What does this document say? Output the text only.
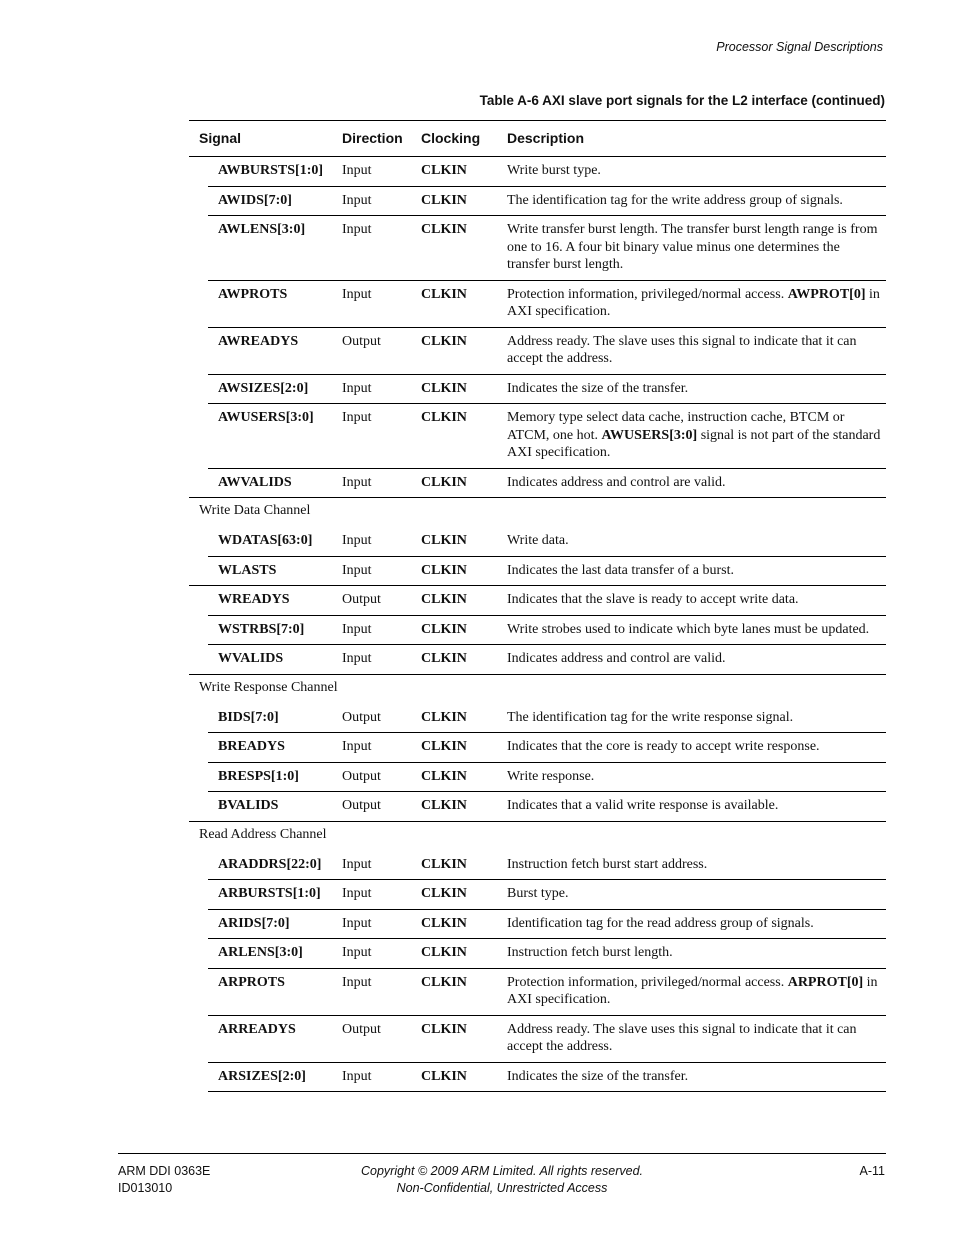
Processor Signal Descriptions
Table A-6 AXI slave port signals for the L2 interface (continued)
Signal	Direction Clocking Description
AWBURSTS[1:0] Input	CLKIN	Write burst type.
AWIDS[7:0]	Input	CLKIN	The identification tag for the write address group of signals.
AWLENS[3:0]	Input	CLKIN	Write transfer burst length. The transfer burst length range is from one to 16. A four bit binary value minus one determines the transfer burst length.
AWPROTS	Input	CLKIN	Protection information, privileged/normal access. AWPROT[0] in AXI specification.
AWREADYS	Output	CLKIN	Address ready. The slave uses this signal to indicate that it can accept the address.
AWSIZES[2:0] Input	CLKIN	Indicates the size of the transfer.
AWUSERS[3:0] Input	CLKIN	Memory type select data cache, instruction cache, BTCM or ATCM, one hot. AWUSERS[3:0] signal is not part of the standard AXI specification.
AWVALIDS	Input	CLKIN	Indicates address and control are valid.
Write Data Channel
WDATAS[63:0] Input	CLKIN	Write data.
WLASTS	Input	CLKIN	Indicates the last data transfer of a burst.
WREADYS	Output	CLKIN	Indicates that the slave is ready to accept write data.
WSTRBS[7:0]	Input	CLKIN	Write strobes used to indicate which byte lanes must be updated.
WVALIDS	Input	CLKIN	Indicates address and control are valid.
Write Response Channel
BIDS[7:0]	Output	CLKIN	The identification tag for the write response signal.
BREADYS	Input	CLKIN	Indicates that the core is ready to accept write response.
BRESPS[1:0]	Output	CLKIN	Write response.
BVALIDS	Output	CLKIN	Indicates that a valid write response is available.
Read Address Channel
ARADDRS[22:0] Input	CLKIN	Instruction fetch burst start address.
ARBURSTS[1:0] Input	CLKIN	Burst type.
ARIDS[7:0]	Input	CLKIN	Identification tag for the read address group of signals.
ARLENS[3:0]	Input	CLKIN	Instruction fetch burst length.
ARPROTS	Input	CLKIN	Protection information, privileged/normal access. ARPROT[0] in AXI specification.
ARREADYS	Output	CLKIN	Address ready. The slave uses this signal to indicate that it can accept the address.
ARSIZES[2:0]	Input	CLKIN	Indicates the size of the transfer.
ARM DDI 0363E
ID013010
Copyright © 2009 ARM Limited. All rights reserved.
Non-Confidential, Unrestricted Access
A-11
